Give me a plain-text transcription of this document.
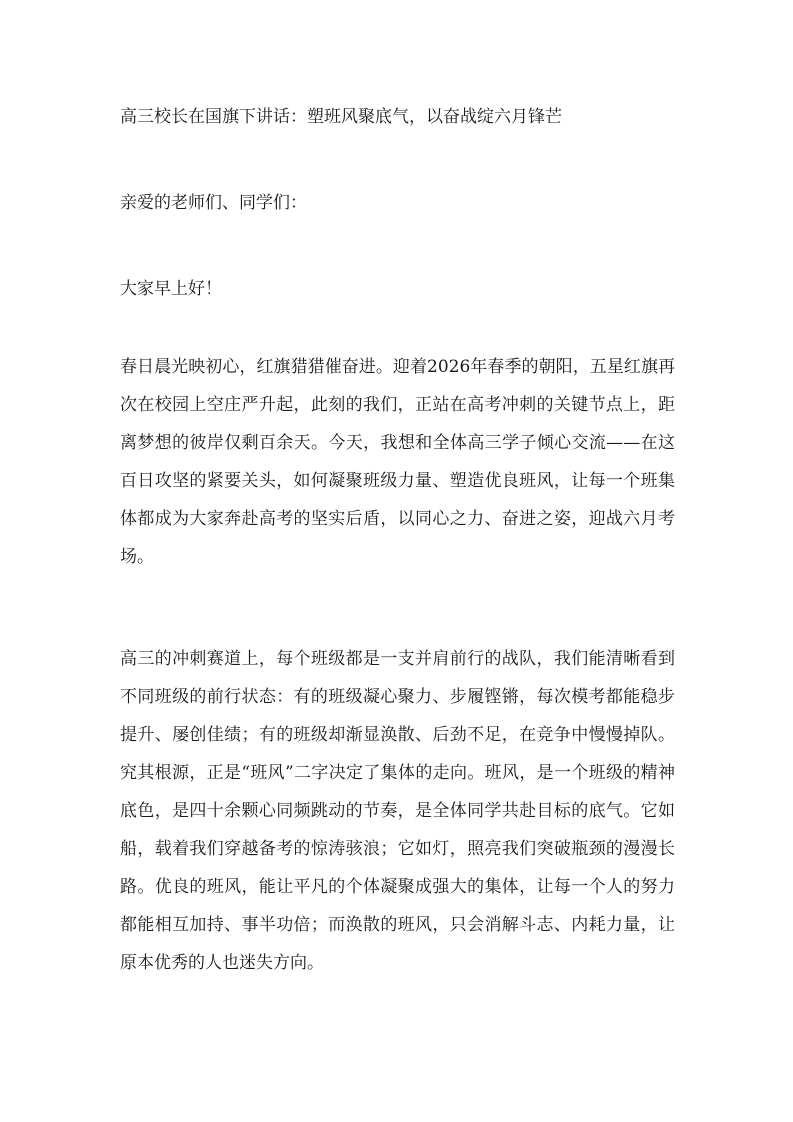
高三校长在国旗下讲话：塑班风聚底气，以奋战绽六月锋芒
亲爱的老师们、同学们：
大家早上好！

春日晨光映初心，红旗猎猎催奋进。迎着2026年春季的朝阳，五星红旗再次在校园上空庄严升起，此刻的我们，正站在高考冲刺的关键节点上，距离梦想的彼岸仅剩百余天。今天，我想和全体高三学子倾心交流——在这百日攻坚的紧要关头，如何凝聚班级力量、塑造优良班风，让每一个班集体都成为大家奔赴高考的坚实后盾，以同心之力、奋进之姿，迎战六月考场。

高三的冲刺赛道上，每个班级都是一支并肩前行的战队，我们能清晰看到不同班级的前行状态：有的班级凝心聚力、步履铿锵，每次模考都能稳步提升、屡创佳绩；有的班级却渐显涣散、后劲不足，在竞争中慢慢掉队。究其根源，正是“班风”二字决定了集体的走向。班风，是一个班级的精神底色，是四十余颗心同频跳动的节奏，是全体同学共赴目标的底气。它如船，载着我们穿越备考的惊涛骇浪；它如灯，照亮我们突破瓶颈的漫漫长路。优良的班风，能让平凡的个体凝聚成强大的集体，让每一个人的努力都能相互加持、事半功倍；而涣散的班风，只会消解斗志、内耗力量，让原本优秀的人也迷失方向。
